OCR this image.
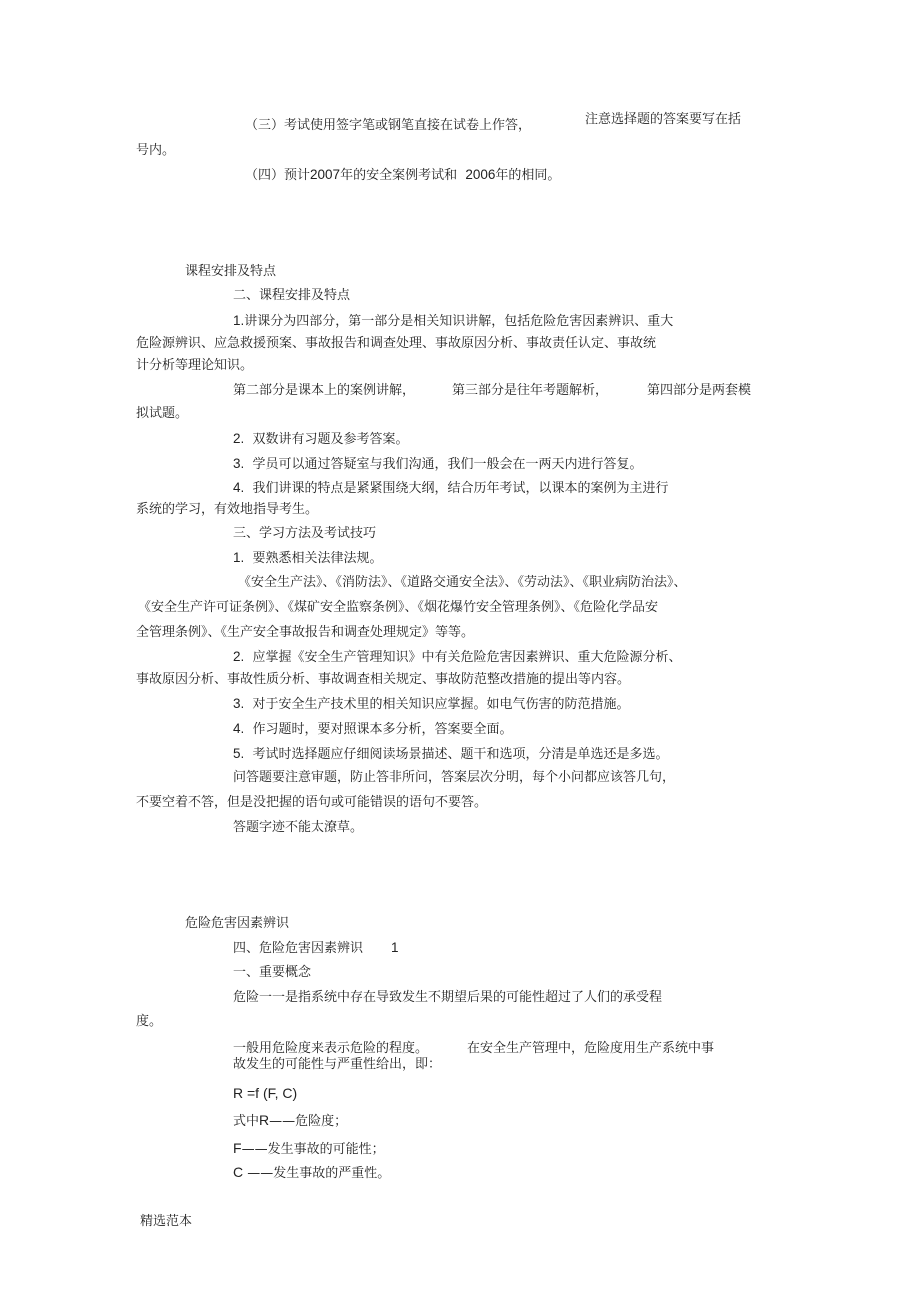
（三）考试使用签字笔或钢笔直接在试卷上作答，	注意选择题的答案要写在括
号内。
（四）预计2007年的安全案例考试和 2006年的相同。
课程安排及特点
二、课程安排及特点
1.讲课分为四部分，第一部分是相关知识讲解，包括危险危害因素辨识、重大
危险源辨识、应急救援预案、事故报告和调查处理、事故原因分析、事故责任认定、事故统
计分析等理论知识。
第二部分是课本上的案例讲解，	第三部分是往年考题解析，	第四部分是两套模
拟试题。
2. 双数讲有习题及参考答案。
3. 学员可以通过答疑室与我们沟通，我们一般会在一两天内进行答复。
4. 我们讲课的特点是紧紧围绕大纲，结合历年考试，以课本的案例为主进行
系统的学习，有效地指导考生。
三、学习方法及考试技巧
1. 要熟悉相关法律法规。
《安全生产法》、《消防法》、《道路交通安全法》、《劳动法》、《职业病防治法》、
《安全生产许可证条例》、《煤矿安全监察条例》、《烟花爆竹安全管理条例》、《危险化学品安
全管理条例》、《生产安全事故报告和调查处理规定》等等。
2. 应掌握《安全生产管理知识》中有关危险危害因素辨识、重大危险源分析、
事故原因分析、事故性质分析、事故调查相关规定、事故防范整改措施的提出等内容。
3. 对于安全生产技术里的相关知识应掌握。如电气伤害的防范措施。
4. 作习题时，要对照课本多分析，答案要全面。
5. 考试时选择题应仔细阅读场景描述、题干和选项，分清是单选还是多选。
问答题要注意审题，防止答非所问，答案层次分明，每个小问都应该答几句，
不要空着不答，但是没把握的语句或可能错误的语句不要答。
答题字迹不能太潦草。
危险危害因素辨识
四、危险危害因素辨识 1
一、重要概念
危险一一是指系统中存在导致发生不期望后果的可能性超过了人们的承受程
度。
一般用危险度来表示危险的程度。	在安全生产管理中，危险度用生产系统中事
故发生的可能性与严重性给出，即：
R =f (F, C)
式中R——危险度；
F——发生事故的可能性；
C ——发生事故的严重性。
精选范本
